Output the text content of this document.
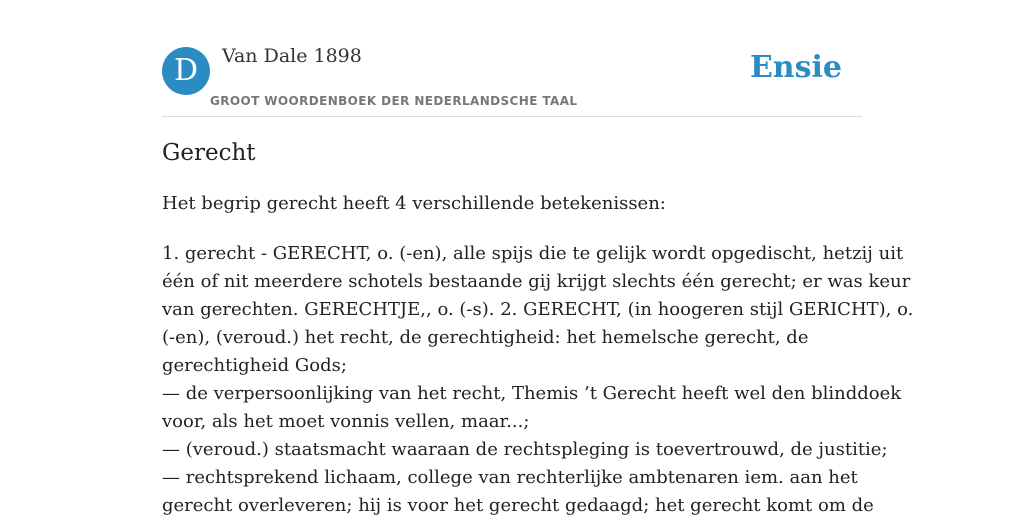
D	Van Dale 1898
GROOT WOORDENBOEK DER NEDERLANDSCHE TAAL
Ensie
Gerecht

Het begrip gerecht heeft 4 verschillende betekenissen:

1. gerecht - GERECHT, o. (-en), alle spijs die te gelijk wordt opgedischt, hetzij uit
één of nit meerdere schotels bestaande gij krijgt slechts één gerecht; er was keur
van gerechten. GERECHTJE,, o. (-s). 2. GERECHT, (in hoogeren stijl GERICHT), o.
(-en), (veroud.) het recht, de gerechtigheid: het hemelsche gerecht, de
gerechtigheid Gods;
— de verpersoonlijking van het recht, Themis ’t Gerecht heeft wel den blinddoek
voor, als het moet vonnis vellen, maar...;
— (veroud.) staatsmacht waaraan de rechtspleging is toevertrouwd, de justitie;
— rechtsprekend lichaam, college van rechterlijke ambtenaren iem. aan het
gerecht overleveren; hij is voor het gerecht gedaagd; het gerecht komt om de
